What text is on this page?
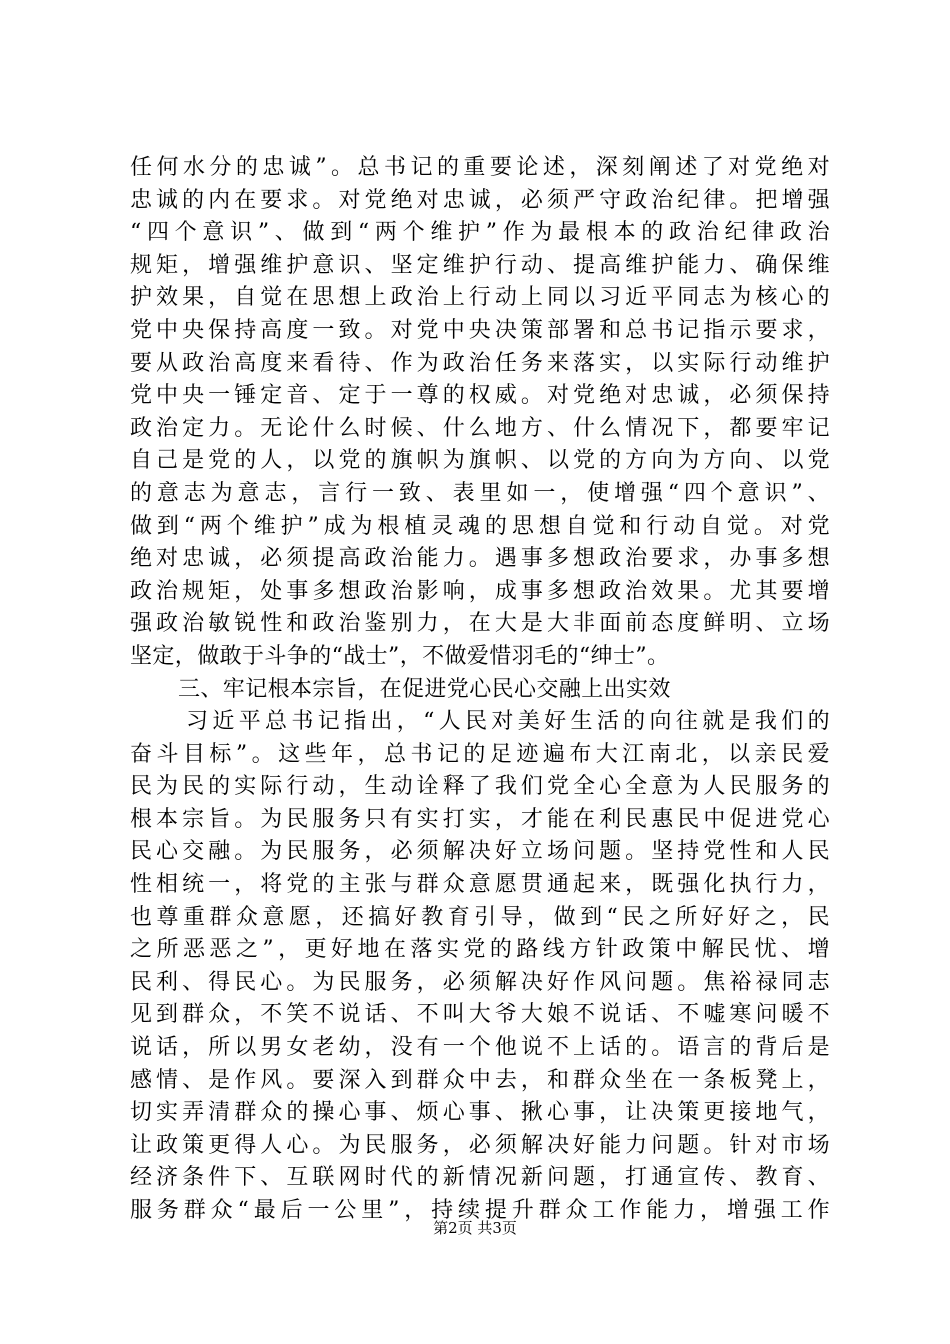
任何水分的忠诚”。总书记的重要论述，深刻阐述了对党绝对
忠诚的内在要求。对党绝对忠诚，必须严守政治纪律。把增强
“四个意识”、做到“两个维护”作为最根本的政治纪律政治
规矩，增强维护意识、坚定维护行动、提高维护能力、确保维
护效果，自觉在思想上政治上行动上同以习近平同志为核心的
党中央保持高度一致。对党中央决策部署和总书记指示要求，
要从政治高度来看待、作为政治任务来落实，以实际行动维护
党中央一锤定音、定于一尊的权威。对党绝对忠诚，必须保持
政治定力。无论什么时候、什么地方、什么情况下，都要牢记
自己是党的人，以党的旗帜为旗帜、以党的方向为方向、以党
的意志为意志，言行一致、表里如一，使增强“四个意识”、
做到“两个维护”成为根植灵魂的思想自觉和行动自觉。对党
绝对忠诚，必须提高政治能力。遇事多想政治要求，办事多想
政治规矩，处事多想政治影响，成事多想政治效果。尤其要增
强政治敏锐性和政治鉴别力，在大是大非面前态度鲜明、立场
坚定，做敢于斗争的“战士”，不做爱惜羽毛的“绅士”。
三、牢记根本宗旨，在促进党心民心交融上出实效
习近平总书记指出，“人民对美好生活的向往就是我们的
奋斗目标”。这些年，总书记的足迹遍布大江南北，以亲民爱
民为民的实际行动，生动诠释了我们党全心全意为人民服务的
根本宗旨。为民服务只有实打实，才能在利民惠民中促进党心
民心交融。为民服务，必须解决好立场问题。坚持党性和人民
性相统一，将党的主张与群众意愿贯通起来，既强化执行力，
也尊重群众意愿，还搞好教育引导，做到“民之所好好之，民
之所恶恶之”，更好地在落实党的路线方针政策中解民忧、增
民利、得民心。为民服务，必须解决好作风问题。焦裕禄同志
见到群众，不笑不说话、不叫大爷大娘不说话、不嘘寒问暖不
说话，所以男女老幼，没有一个他说不上话的。语言的背后是
感情、是作风。要深入到群众中去，和群众坐在一条板凳上，
切实弄清群众的操心事、烦心事、揪心事，让决策更接地气，
让政策更得人心。为民服务，必须解决好能力问题。针对市场
经济条件下、互联网时代的新情况新问题，打通宣传、教育、
服务群众“最后一公里”，持续提升群众工作能力，增强工作
第2页 共3页
